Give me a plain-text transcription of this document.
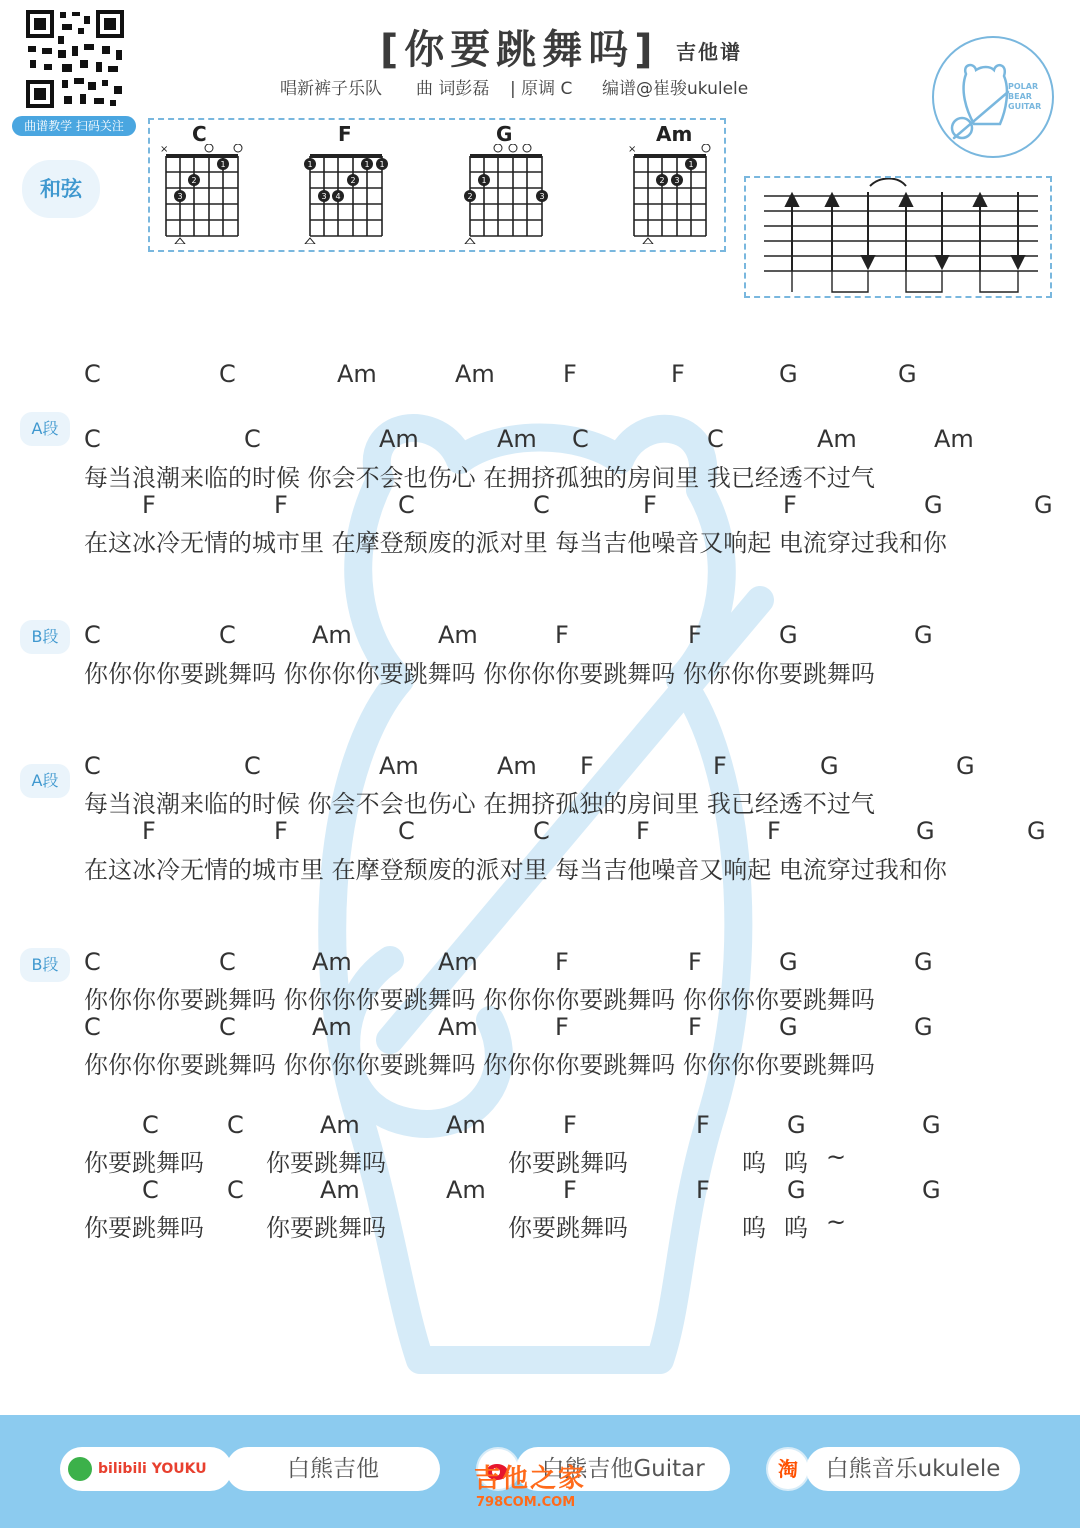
曲谱教学 扫码关注
[你要跳舞吗] 吉他谱
唱新裤子乐队 曲 词彭磊 | 原调 C 编谱@崔骏ukulele	POLAR BEAR GUITAR
和弦
C
×
1
2
3
F
1	1 1
2
3 4
G
1
2	3
Am
×
1
2 3
C	C	Am	Am	F	F	G	G
A段	C	C	Am	Am C	C	Am	Am
每当浪潮来临的时候 你会不会也伤心 在拥挤孤独的房间里 我已经透不过气
F	F	C	C	F	F	G	G
在这冰冷无情的城市里 在摩登颓废的派对里 每当吉他噪音又响起 电流穿过我和你
B段	C	C	Am	Am	F	F	G	G
你你你你要跳舞吗 你你你你要跳舞吗 你你你你要跳舞吗 你你你你要跳舞吗
A段
C	C	Am	Am F	F	G	G
每当浪潮来临的时候 你会不会也伤心 在拥挤孤独的房间里 我已经透不过气
F	F	C	C	F	F	G	G
在这冰冷无情的城市里 在摩登颓废的派对里 每当吉他噪音又响起 电流穿过我和你
B段	C	C	Am	Am	F	F	G	G
你你你你要跳舞吗 你你你你要跳舞吗 你你你你要跳舞吗 你你你你要跳舞吗
C	C	Am	Am	F	F	G	G
你你你你要跳舞吗 你你你你要跳舞吗 你你你你要跳舞吗 你你你你要跳舞吗
C	C	Am	Am	F	F	G	G
你要跳舞吗	你要跳舞吗	你要跳舞吗	呜 呜 ~
C	C	Am	Am	F	F	G	G
你要跳舞吗	你要跳舞吗	你要跳舞吗	呜 呜 ~
bilibili YOUKU	白熊吉他	白熊吉他Guitar	淘	白熊音乐ukulele
吉他之家
798COM.COM
